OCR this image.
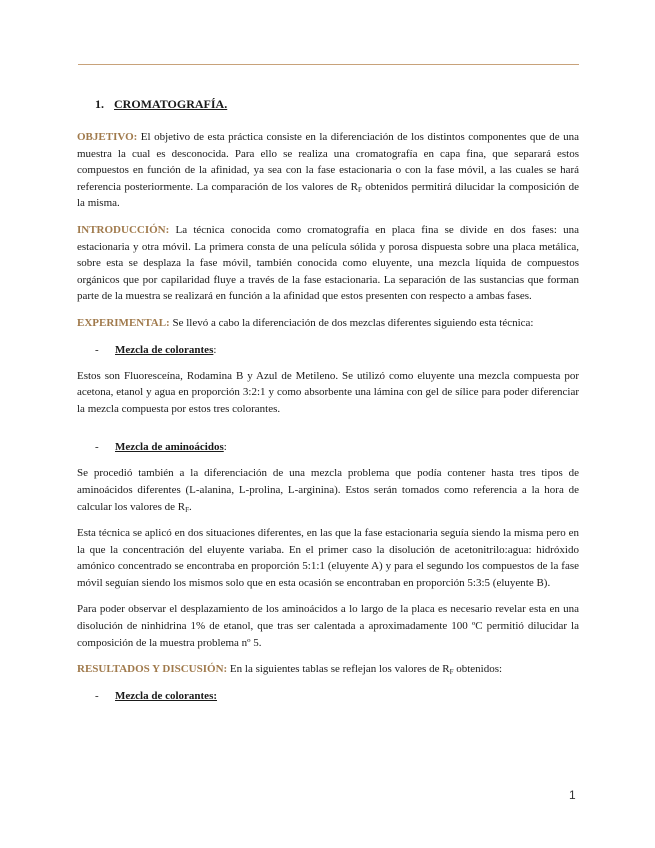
1. CROMATOGRAFÍA.

OBJETIVO: El objetivo de esta práctica consiste en la diferenciación de los distintos componentes que de una muestra la cual es desconocida. Para ello se realiza una cromatografía en capa fina, que separará estos compuestos en función de la afinidad, ya sea con la fase estacionaria o con la fase móvil, a las cuales se hará referencia posteriormente. La comparación de los valores de $R_F$ obtenidos permitirá dilucidar la composición de la misma.

INTRODUCCIÓN: La técnica conocida como cromatografía en placa fina se divide en dos fases: una estacionaria y otra móvil. La primera consta de una película sólida y porosa dispuesta sobre una placa metálica, sobre esta se desplaza la fase móvil, también conocida como eluyente, una mezcla líquida de compuestos orgánicos que por capilaridad fluye a través de la fase estacionaria. La separación de las sustancias que forman parte de la muestra se realizará en función a la afinidad que estos presenten con respecto a ambas fases.

EXPERIMENTAL: Se llevó a cabo la diferenciación de dos mezclas diferentes siguiendo esta técnica:

- Mezcla de colorantes:

Estos son Fluoresceína, Rodamina B y Azul de Metileno. Se utilizó como eluyente una mezcla compuesta por acetona, etanol y agua en proporción 3:2:1 y como absorbente una lámina con gel de sílice para poder diferenciar la mezcla compuesta por estos tres colorantes.

- Mezcla de aminoácidos:

Se procedió también a la diferenciación de una mezcla problema que podía contener hasta tres tipos de aminoácidos diferentes (L-alanina, L-prolina, L-arginina). Estos serán tomados como referencia a la hora de calcular los valores de $R_F$.

Esta técnica se aplicó en dos situaciones diferentes, en las que la fase estacionaria seguía siendo la misma pero en la que la concentración del eluyente variaba. En el primer caso la disolución de acetonitrilo:agua: hidróxido amónico concentrado se encontraba en proporción 5:1:1 (eluyente A) y para el segundo los compuestos de la fase móvil seguían siendo los mismos solo que en esta ocasión se encontraban en proporción 5:3:5 (eluyente B).

Para poder observar el desplazamiento de los aminoácidos a lo largo de la placa es necesario revelar esta en una disolución de ninhidrina 1% de etanol, que tras ser calentada a aproximadamente 100 ºC permitió dilucidar la composición de la muestra problema nº 5.

RESULTADOS Y DISCUSIÓN: En la siguientes tablas se reflejan los valores de $R_F$ obtenidos:

- Mezcla de colorantes:
1
